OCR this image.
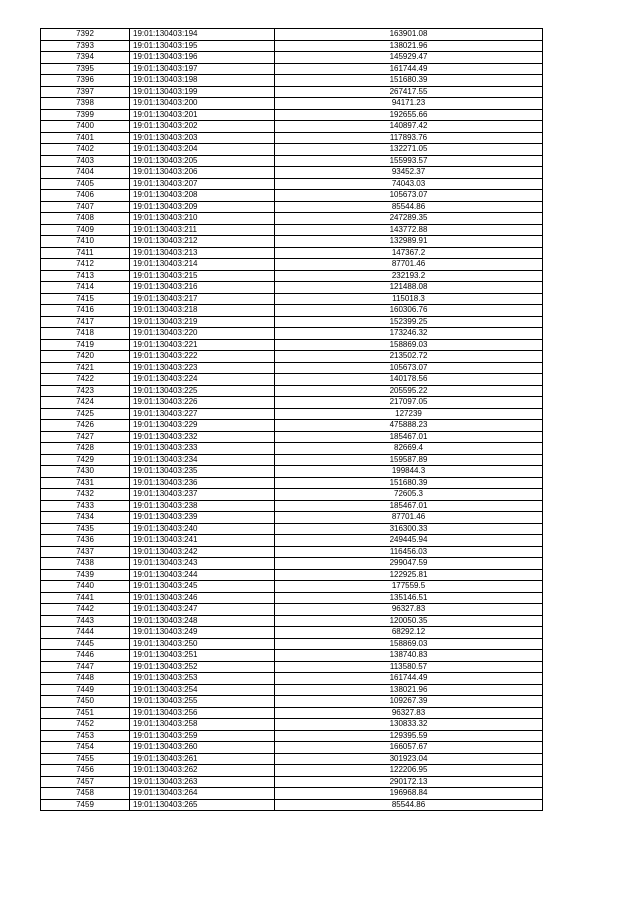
7392	19:01:130403:194	163901.08
7393	19:01:130403:195	138021.96
7394	19:01:130403:196	145929.47
7395	19:01:130403:197	161744.49
7396	19:01:130403:198	151680.39
7397	19:01:130403:199	267417.55
7398	19:01:130403:200	94171.23
7399	19:01:130403:201	192655.66
7400	19:01:130403:202	140897.42
7401	19:01:130403:203	117893.76
7402	19:01:130403:204	132271.05
7403	19:01:130403:205	155993.57
7404	19:01:130403:206	93452.37
7405	19:01:130403:207	74043.03
7406	19:01:130403:208	105673.07
7407	19:01:130403:209	85544.86
7408	19:01:130403:210	247289.35
7409	19:01:130403:211	143772.88
7410	19:01:130403:212	132989.91
7411	19:01:130403:213	147367.2
7412	19:01:130403:214	87701.46
7413	19:01:130403:215	232193.2
7414	19:01:130403:216	121488.08
7415	19:01:130403:217	115018.3
7416	19:01:130403:218	160306.76
7417	19:01:130403:219	152399.25
7418	19:01:130403:220	173246.32
7419	19:01:130403:221	158869.03
7420	19:01:130403:222	213502.72
7421	19:01:130403:223	105673.07
7422	19:01:130403:224	140178.56
7423	19:01:130403:225	205595.22
7424	19:01:130403:226	217097.05
7425	19:01:130403:227	127239
7426	19:01:130403:229	475888.23
7427	19:01:130403:232	185467.01
7428	19:01:130403:233	82669.4
7429	19:01:130403:234	159587.89
7430	19:01:130403:235	199844.3
7431	19:01:130403:236	151680.39
7432	19:01:130403:237	72605.3
7433	19:01:130403:238	185467.01
7434	19:01:130403:239	87701.46
7435	19:01:130403:240	316300.33
7436	19:01:130403:241	249445.94
7437	19:01:130403:242	116456.03
7438	19:01:130403:243	299047.59
7439	19:01:130403:244	122925.81
7440	19:01:130403:245	177559.5
7441	19:01:130403:246	135146.51
7442	19:01:130403:247	96327.83
7443	19:01:130403:248	120050.35
7444	19:01:130403:249	68292.12
7445	19:01:130403:250	158869.03
7446	19:01:130403:251	138740.83
7447	19:01:130403:252	113580.57
7448	19:01:130403:253	161744.49
7449	19:01:130403:254	138021.96
7450	19:01:130403:255	109267.39
7451	19:01:130403:256	96327.83
7452	19:01:130403:258	130833.32
7453	19:01:130403:259	129395.59
7454	19:01:130403:260	166057.67
7455	19:01:130403:261	301923.04
7456	19:01:130403:262	122206.95
7457	19:01:130403:263	290172.13
7458	19:01:130403:264	196968.84
7459	19:01:130403:265	85544.86
